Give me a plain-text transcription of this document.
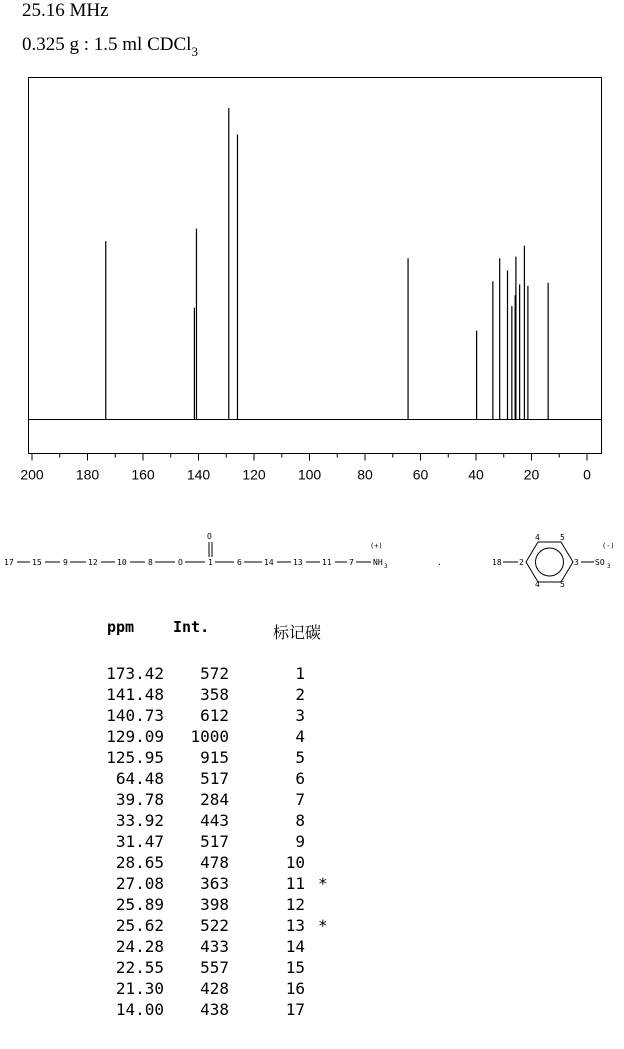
25.16 MHz
0.325 g : 1.5 ml CDCl$_3$
200 180 160 140 120 100	80	60	40	20	0
17 15	9	12 10	8	O	1
O
6	14 13 11 7 NH 3
(+)
.	18 2	3
4	5
4	5
SO 3
(-)
ppm	Int.	标记碳
173.42 572	1
141.48 358	2
140.73 612	3
129.09 1000	4
125.95 915	5
64.48 517	6
39.78 284	7
33.92 443	8
31.47 517	9
28.65 478	10
27.08 363	11 *
25.89 398	12
25.62 522	13 *
24.28 433	14
22.55 557	15
21.30 428	16
14.00 438	17
